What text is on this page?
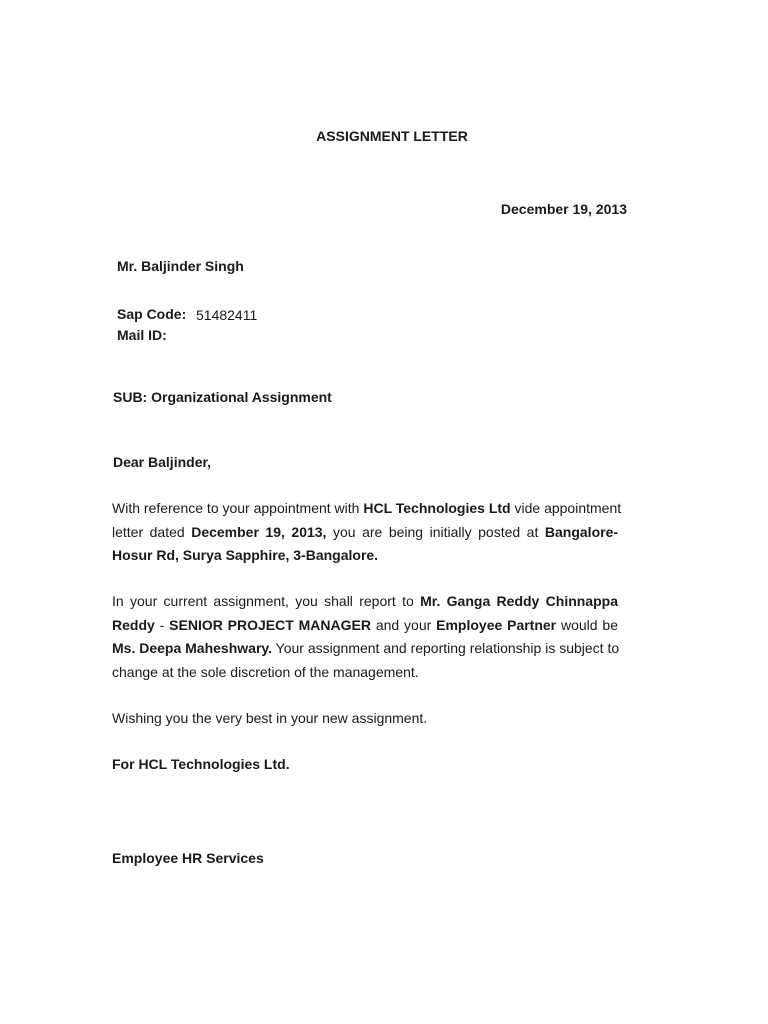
ASSIGNMENT LETTER
December 19, 2013
Mr. Baljinder Singh
Sap Code: 51482411
Mail ID:
SUB: Organizational Assignment
Dear Baljinder,
With reference to your appointment with HCL Technologies Ltd vide appointment
letter dated December 19, 2013, you are being initially posted at Bangalore-
Hosur Rd, Surya Sapphire, 3-Bangalore.
In your current assignment, you shall report to Mr. Ganga Reddy Chinnappa
Reddy - SENIOR PROJECT MANAGER and your Employee Partner would be
Ms. Deepa Maheshwary. Your assignment and reporting relationship is subject to
change at the sole discretion of the management.
Wishing you the very best in your new assignment.
For HCL Technologies Ltd.
Employee HR Services
